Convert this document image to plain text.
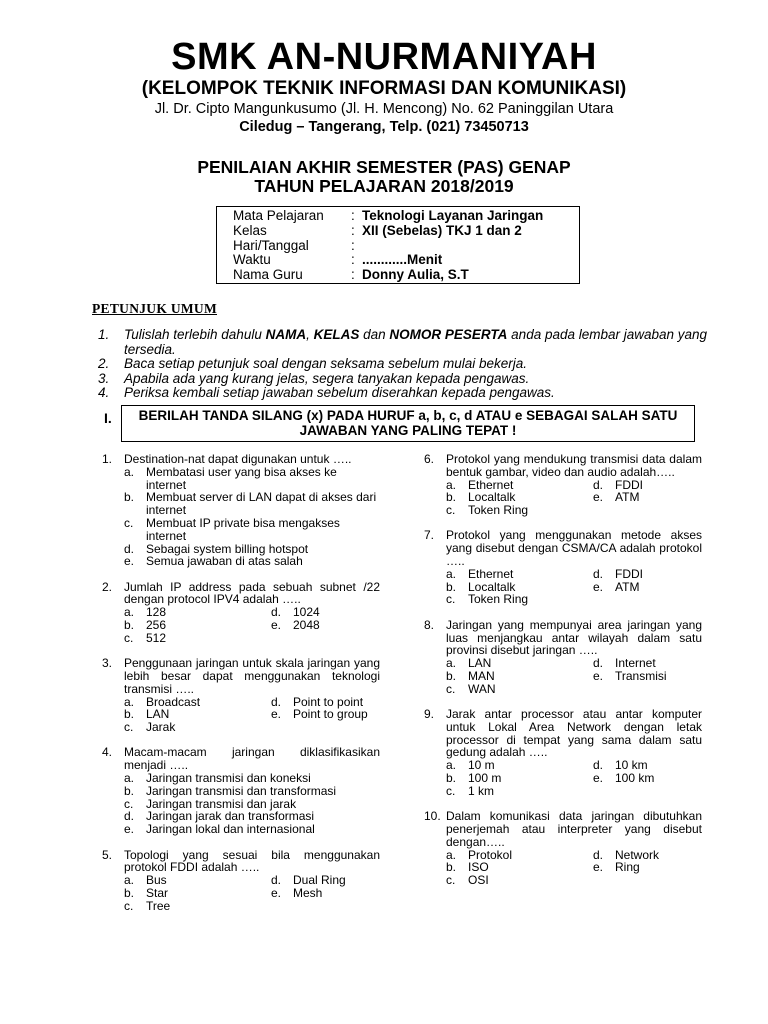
SMK AN-NURMANIYAH
(KELOMPOK TEKNIK INFORMASI DAN KOMUNIKASI)
Jl. Dr. Cipto Mangunkusumo (Jl. H. Mencong) No. 62 Paninggilan Utara
Ciledug – Tangerang, Telp. (021) 73450713
PENILAIAN AKHIR SEMESTER (PAS) GENAP
TAHUN PELAJARAN 2018/2019
Mata Pelajaran	: Teknologi Layanan Jaringan
Kelas	: XII (Sebelas) TKJ 1 dan 2
Hari/Tanggal	:
Waktu	: ............Menit
Nama Guru	: Donny Aulia, S.T
PETUNJUK UMUM
1.	Tulislah terlebih dahulu NAMA, KELAS dan NOMOR PESERTA anda pada lembar jawaban yang tersedia.
2.	Baca setiap petunjuk soal dengan seksama sebelum mulai bekerja.
3.	Apabila ada yang kurang jelas, segera tanyakan kepada pengawas.
4.	Periksa kembali setiap jawaban sebelum diserahkan kepada pengawas.
I.	BERILAH TANDA SILANG (x) PADA HURUF a, b, c, d ATAU e SEBAGAI SALAH SATU
JAWABAN YANG PALING TEPAT !
1. Destination-nat dapat digunakan untuk …..
a. Membatasi user yang bisa akses ke internet
b. Membuat server di LAN dapat di akses dari internet
c.	Membuat IP private bisa mengakses internet
d. Sebagai system billing hotspot
e. Semua jawaban di atas salah
2. Jumlah IP address pada sebuah subnet /22 dengan protocol IPV4 adalah …..
a. 128	d. 1024
b. 256	e. 2048
c.	512
3. Penggunaan jaringan untuk skala jaringan yang lebih besar dapat menggunakan teknologi transmisi …..
a. Broadcast	d. Point to point
b. LAN	e. Point to group
c.	Jarak
4. Macam-macam jaringan diklasifikasikan menjadi …..
a. Jaringan transmisi dan koneksi
b. Jaringan transmisi dan transformasi
c.	Jaringan transmisi dan jarak
d. Jaringan jarak dan transformasi
e. Jaringan lokal dan internasional
5. Topologi yang sesuai bila menggunakan protokol FDDI adalah …..
a. Bus	d. Dual Ring
b. Star	e. Mesh
c.	Tree
6. Protokol yang mendukung transmisi data dalam bentuk gambar, video dan audio adalah…..
a. Ethernet	d. FDDI
b. Localtalk	e. ATM
c.	Token Ring
7. Protokol yang menggunakan metode akses yang disebut dengan CSMA/CA adalah protokol …..
a. Ethernet	d. FDDI
b. Localtalk	e. ATM
c.	Token Ring
8. Jaringan yang mempunyai area jaringan yang luas menjangkau antar wilayah dalam satu provinsi disebut jaringan …..
a. LAN	d. Internet
b. MAN	e. Transmisi
c.	WAN
9. Jarak antar processor atau antar komputer untuk Lokal Area Network dengan letak processor di tempat yang sama dalam satu gedung adalah …..
a. 10 m	d. 10 km
b. 100 m	e. 100 km
c.	1 km
10. Dalam komunikasi data jaringan dibutuhkan penerjemah atau interpreter yang disebut dengan…..
a. Protokol	d. Network
b. ISO	e. Ring
c.	OSI
